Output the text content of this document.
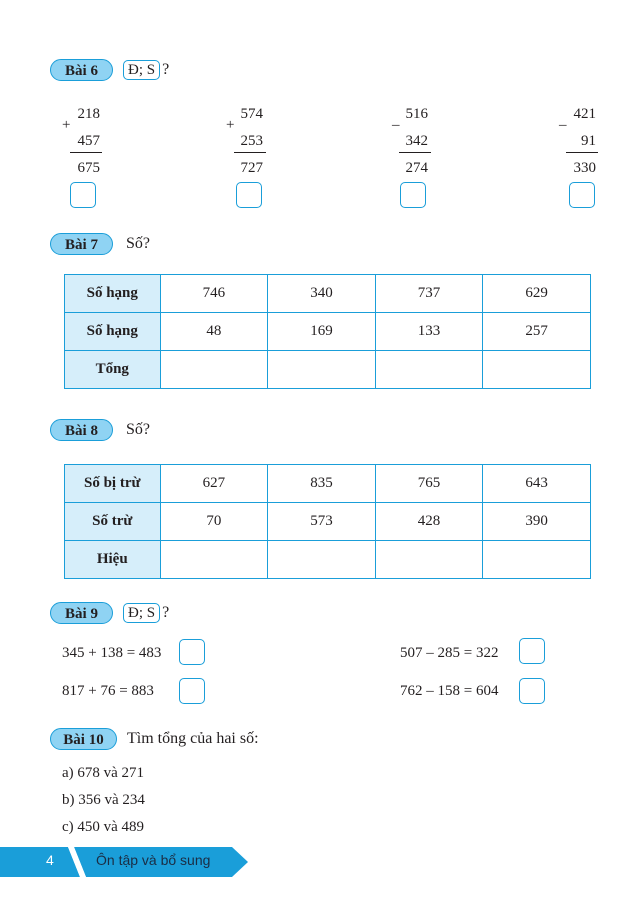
Bài 6	Đ; S ?
218
457
675
+
574
253
727
+
516
342
274
–
421
91
330
–
Bài 7	Số?
Số hạng	746	340	737	629
Số hạng	48	169	133	257
Tổng				
Bài 8	Số?
Số bị trừ	627	835	765	643
Số trừ	70	573	428	390
Hiệu				
Bài 9	Đ; S ?
345 + 138 = 483	507 – 285 = 322
817 + 76 = 883	762 – 158 = 604
Bài 10	Tìm tổng của hai số:
a) 678 và 271
b) 356 và 234
c) 450 và 489
4	Ôn tập và bổ sung
